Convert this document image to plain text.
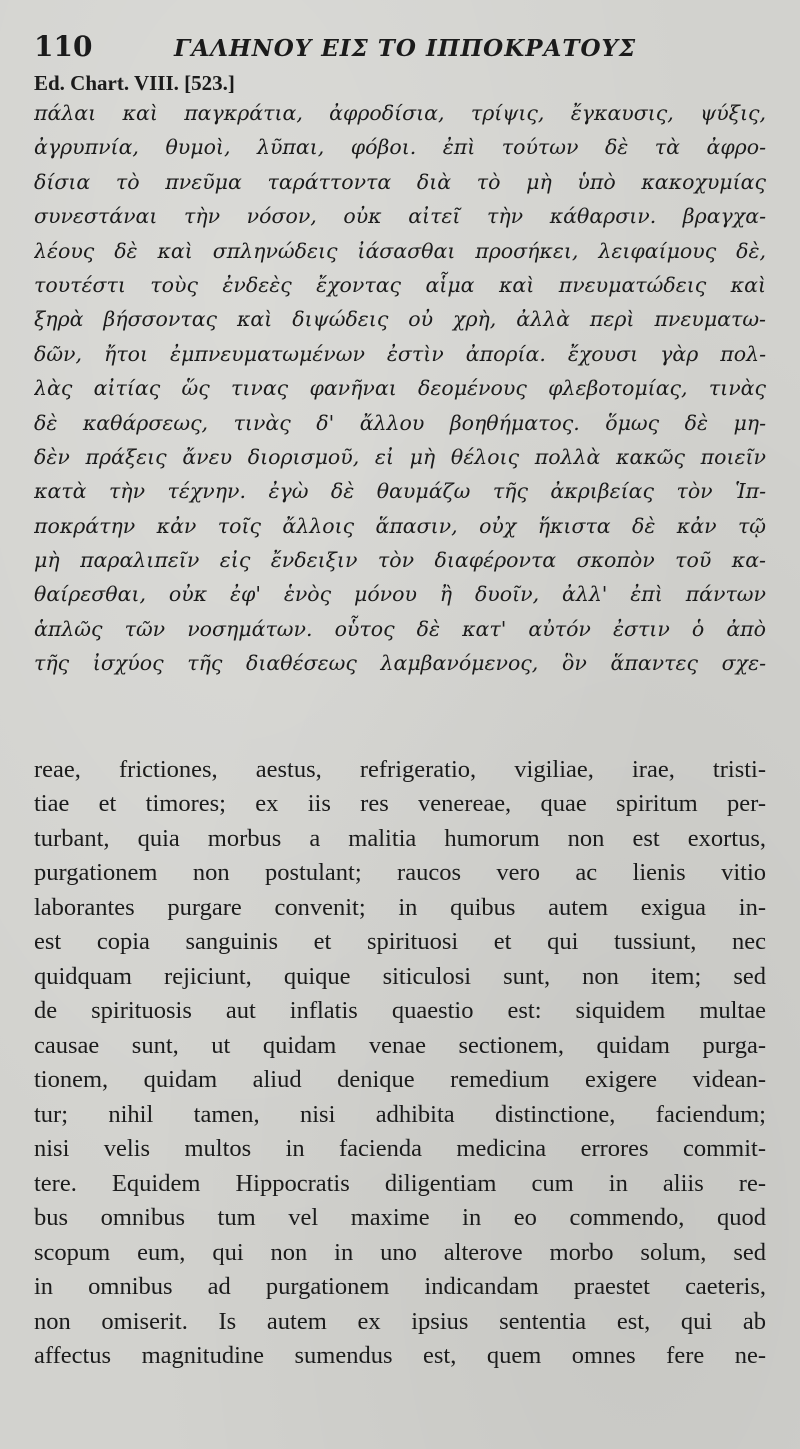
110	ΓΑΛΗΝΟΥ ΕΙΣ ΤΟ ΙΠΠΟΚΡΑΤΟΥΣ
Ed. Chart. VIII. [523.]
πάλαι καὶ παγκράτια, ἀφροδίσια, τρίψις, ἔγκαυσις, ψύξις,
ἀγρυπνία, θυμοὶ, λῦπαι, φόβοι. ἐπὶ τούτων δὲ τὰ ἀφρο-
δίσια τὸ πνεῦμα ταράττοντα διὰ τὸ μὴ ὑπὸ κακοχυμίας
συνεστάναι τὴν νόσον, οὐκ αἰτεῖ τὴν κάθαρσιν. βραγχα-
λέους δὲ καὶ σπληνώδεις ἰάσασθαι προσήκει, λειφαίμους δὲ,
τουτέστι τοὺς ἐνδεὲς ἔχοντας αἷμα καὶ πνευματώδεις καὶ
ξηρὰ βήσσοντας καὶ διψώδεις οὐ χρὴ, ἀλλὰ περὶ πνευματω-
δῶν, ἤτοι ἐμπνευματωμένων ἐστὶν ἀπορία. ἔχουσι γὰρ πολ-
λὰς αἰτίας ὥς τινας φανῆναι δεομένους φλεβοτομίας, τινὰς
δὲ καθάρσεως, τινὰς δ' ἄλλου βοηθήματος. ὅμως δὲ μη-
δὲν πράξεις ἄνευ διορισμοῦ, εἰ μὴ θέλοις πολλὰ κακῶς ποιεῖν
κατὰ τὴν τέχνην. ἐγὼ δὲ θαυμάζω τῆς ἀκριβείας τὸν Ἱπ-
ποκράτην κἀν τοῖς ἄλλοις ἅπασιν, οὐχ ἥκιστα δὲ κἀν τῷ
μὴ παραλιπεῖν εἰς ἔνδειξιν τὸν διαφέροντα σκοπὸν τοῦ κα-
θαίρεσθαι, οὐκ ἐφ' ἑνὸς μόνου ἢ δυοῖν, ἀλλ' ἐπὶ πάντων
ἁπλῶς τῶν νοσημάτων. οὗτος δὲ κατ' αὐτόν ἐστιν ὁ ἀπὸ
τῆς ἰσχύος τῆς διαθέσεως λαμβανόμενος, ὃν ἅπαντες σχε-
reae, frictiones, aestus, refrigeratio, vigiliae, irae, tristi-
tiae et timores; ex iis res venereae, quae spiritum per-
turbant, quia morbus a malitia humorum non est exortus,
purgationem non postulant; raucos vero ac lienis vitio
laborantes purgare convenit; in quibus autem exigua in-
est copia sanguinis et spirituosi et qui tussiunt, nec
quidquam rejiciunt, quique siticulosi sunt, non item; sed
de spirituosis aut inflatis quaestio est: siquidem multae
causae sunt, ut quidam venae sectionem, quidam purga-
tionem, quidam aliud denique remedium exigere videan-
tur; nihil tamen, nisi adhibita distinctione, faciendum;
nisi velis multos in facienda medicina errores commit-
tere. Equidem Hippocratis diligentiam cum in aliis re-
bus omnibus tum vel maxime in eo commendo, quod
scopum eum, qui non in uno alterove morbo solum, sed
in omnibus ad purgationem indicandam praestet caeteris,
non omiserit. Is autem ex ipsius sententia est, qui ab
affectus magnitudine sumendus est, quem omnes fere ne-
